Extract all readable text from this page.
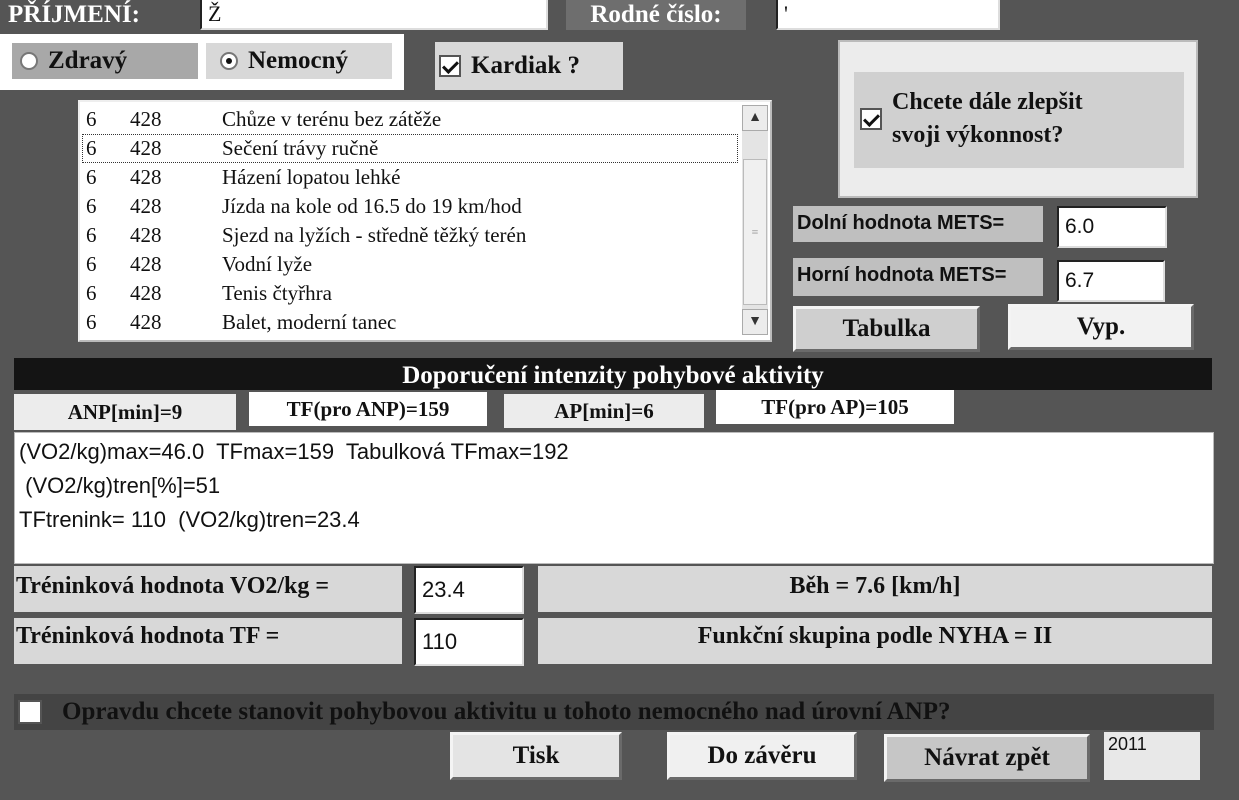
PŘÍJMENÍ:	Ž	Rodné číslo:	'
Zdravý	Nemocný	Kardiak ?
Chcete dále zlepšit
svoji výkonnost?
6	428	Chůze v terénu bez zátěže
6	428	Sečení trávy ručně
6	428	Házení lopatou lehké
6	428	Jízda na kole od 16.5 do 19 km/hod
6	428	Sjezd na lyžích - středně těžký terén
6	428	Vodní lyže
6	428	Tenis čtyřhra
6	428	Balet, moderní tanec
▲
≡
▼
Dolní hodnota METS=	6.0
Horní hodnota METS=	6.7
Tabulka	Vyp.
Doporučení intenzity pohybové aktivity
ANP[min]=9	TF(pro ANP)=159	AP[min]=6	TF(pro AP)=105
(VO2/kg)max=46.0  TFmax=159  Tabulková TFmax=192
(VO2/kg)tren[%]=51
TFtrenink= 110  (VO2/kg)tren=23.4
Tréninková hodnota VO2/kg =	23.4	Běh = 7.6 [km/h]
Tréninková hodnota TF =	110	Funkční skupina podle NYHA = II
Opravdu chcete stanovit pohybovou aktivitu u tohoto nemocného nad úrovní ANP?
Tisk	Do závěru	Návrat zpět	2011
